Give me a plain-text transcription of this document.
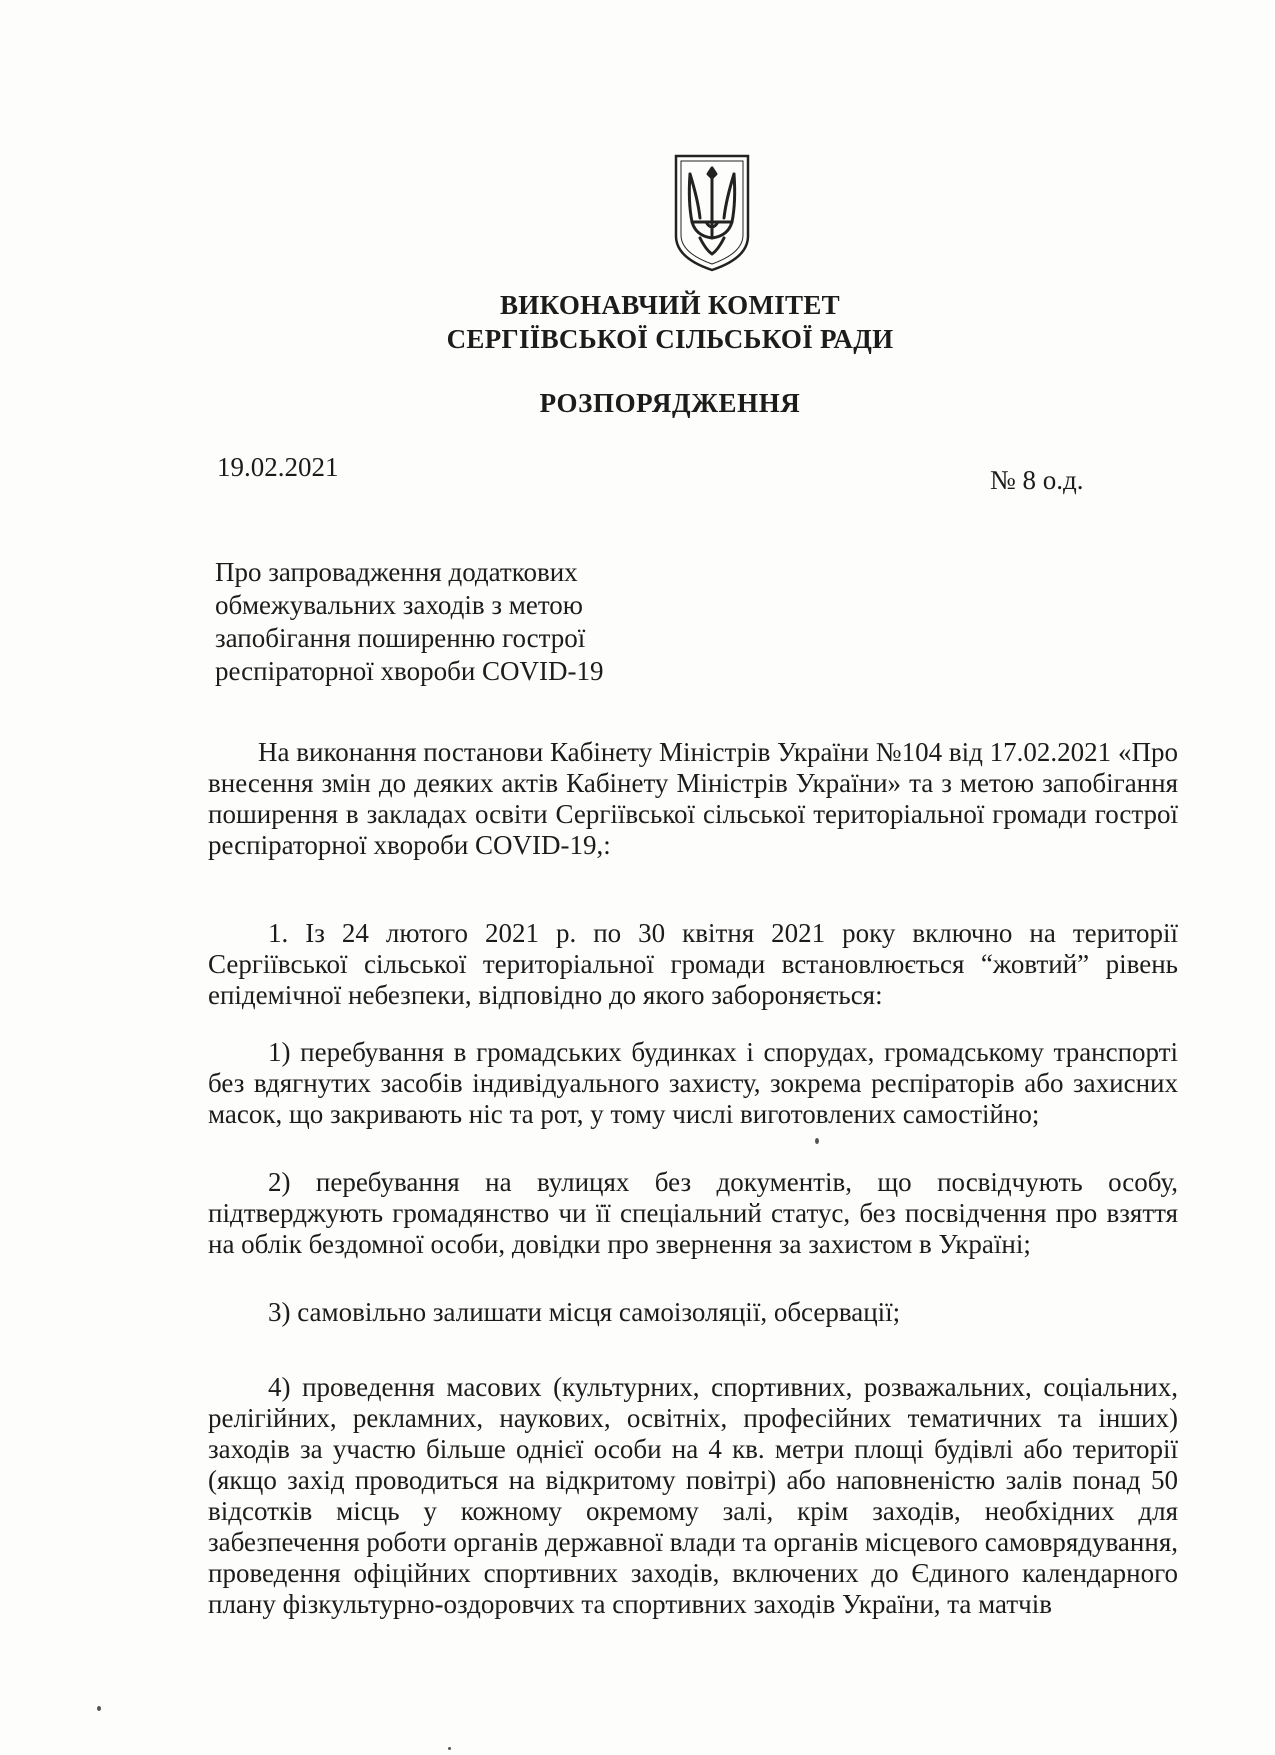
ВИКОНАВЧИЙ КОМІТЕТ
СЕРГІЇВСЬКОЇ СІЛЬСЬКОЇ РАДИ
РОЗПОРЯДЖЕННЯ
19.02.2021	№ 8 о.д.
Про запровадження додаткових
обмежувальних заходів з метою
запобігання поширенню гострої
респіраторної хвороби COVID-19
На виконання постанови Кабінету Міністрів України №104 від 17.02.2021 «Про внесення змін до деяких актів Кабінету Міністрів України» та з метою запобігання поширення в закладах освіти Сергіївської сільської територіальної громади гострої респіраторної хвороби COVID-19,:
1. Із 24 лютого 2021 р. по 30 квітня 2021 року включно на території Сергіївської сільської територіальної громади встановлюється “жовтий” рівень епідемічної небезпеки, відповідно до якого забороняється:
1) перебування в громадських будинках і спорудах, громадському транспорті без вдягнутих засобів індивідуального захисту, зокрема респіраторів або захисних масок, що закривають ніс та рот, у тому числі виготовлених самостійно;
2) перебування на вулицях без документів, що посвідчують особу, підтверджують громадянство чи її спеціальний статус, без посвідчення про взяття на облік бездомної особи, довідки про звернення за захистом в Україні;
3) самовільно залишати місця самоізоляції, обсервації;
4) проведення масових (культурних, спортивних, розважальних, соціальних, релігійних, рекламних, наукових, освітніх, професійних тематичних та інших) заходів за участю більше однієї особи на 4 кв. метри площі будівлі або території (якщо захід проводиться на відкритому повітрі) або наповненістю залів понад 50 відсотків місць у кожному окремому залі, крім заходів, необхідних для забезпечення роботи органів державної влади та органів місцевого самоврядування, проведення офіційних спортивних заходів, включених до Єдиного календарного плану фізкультурно-оздоровчих та спортивних заходів України, та матчів
